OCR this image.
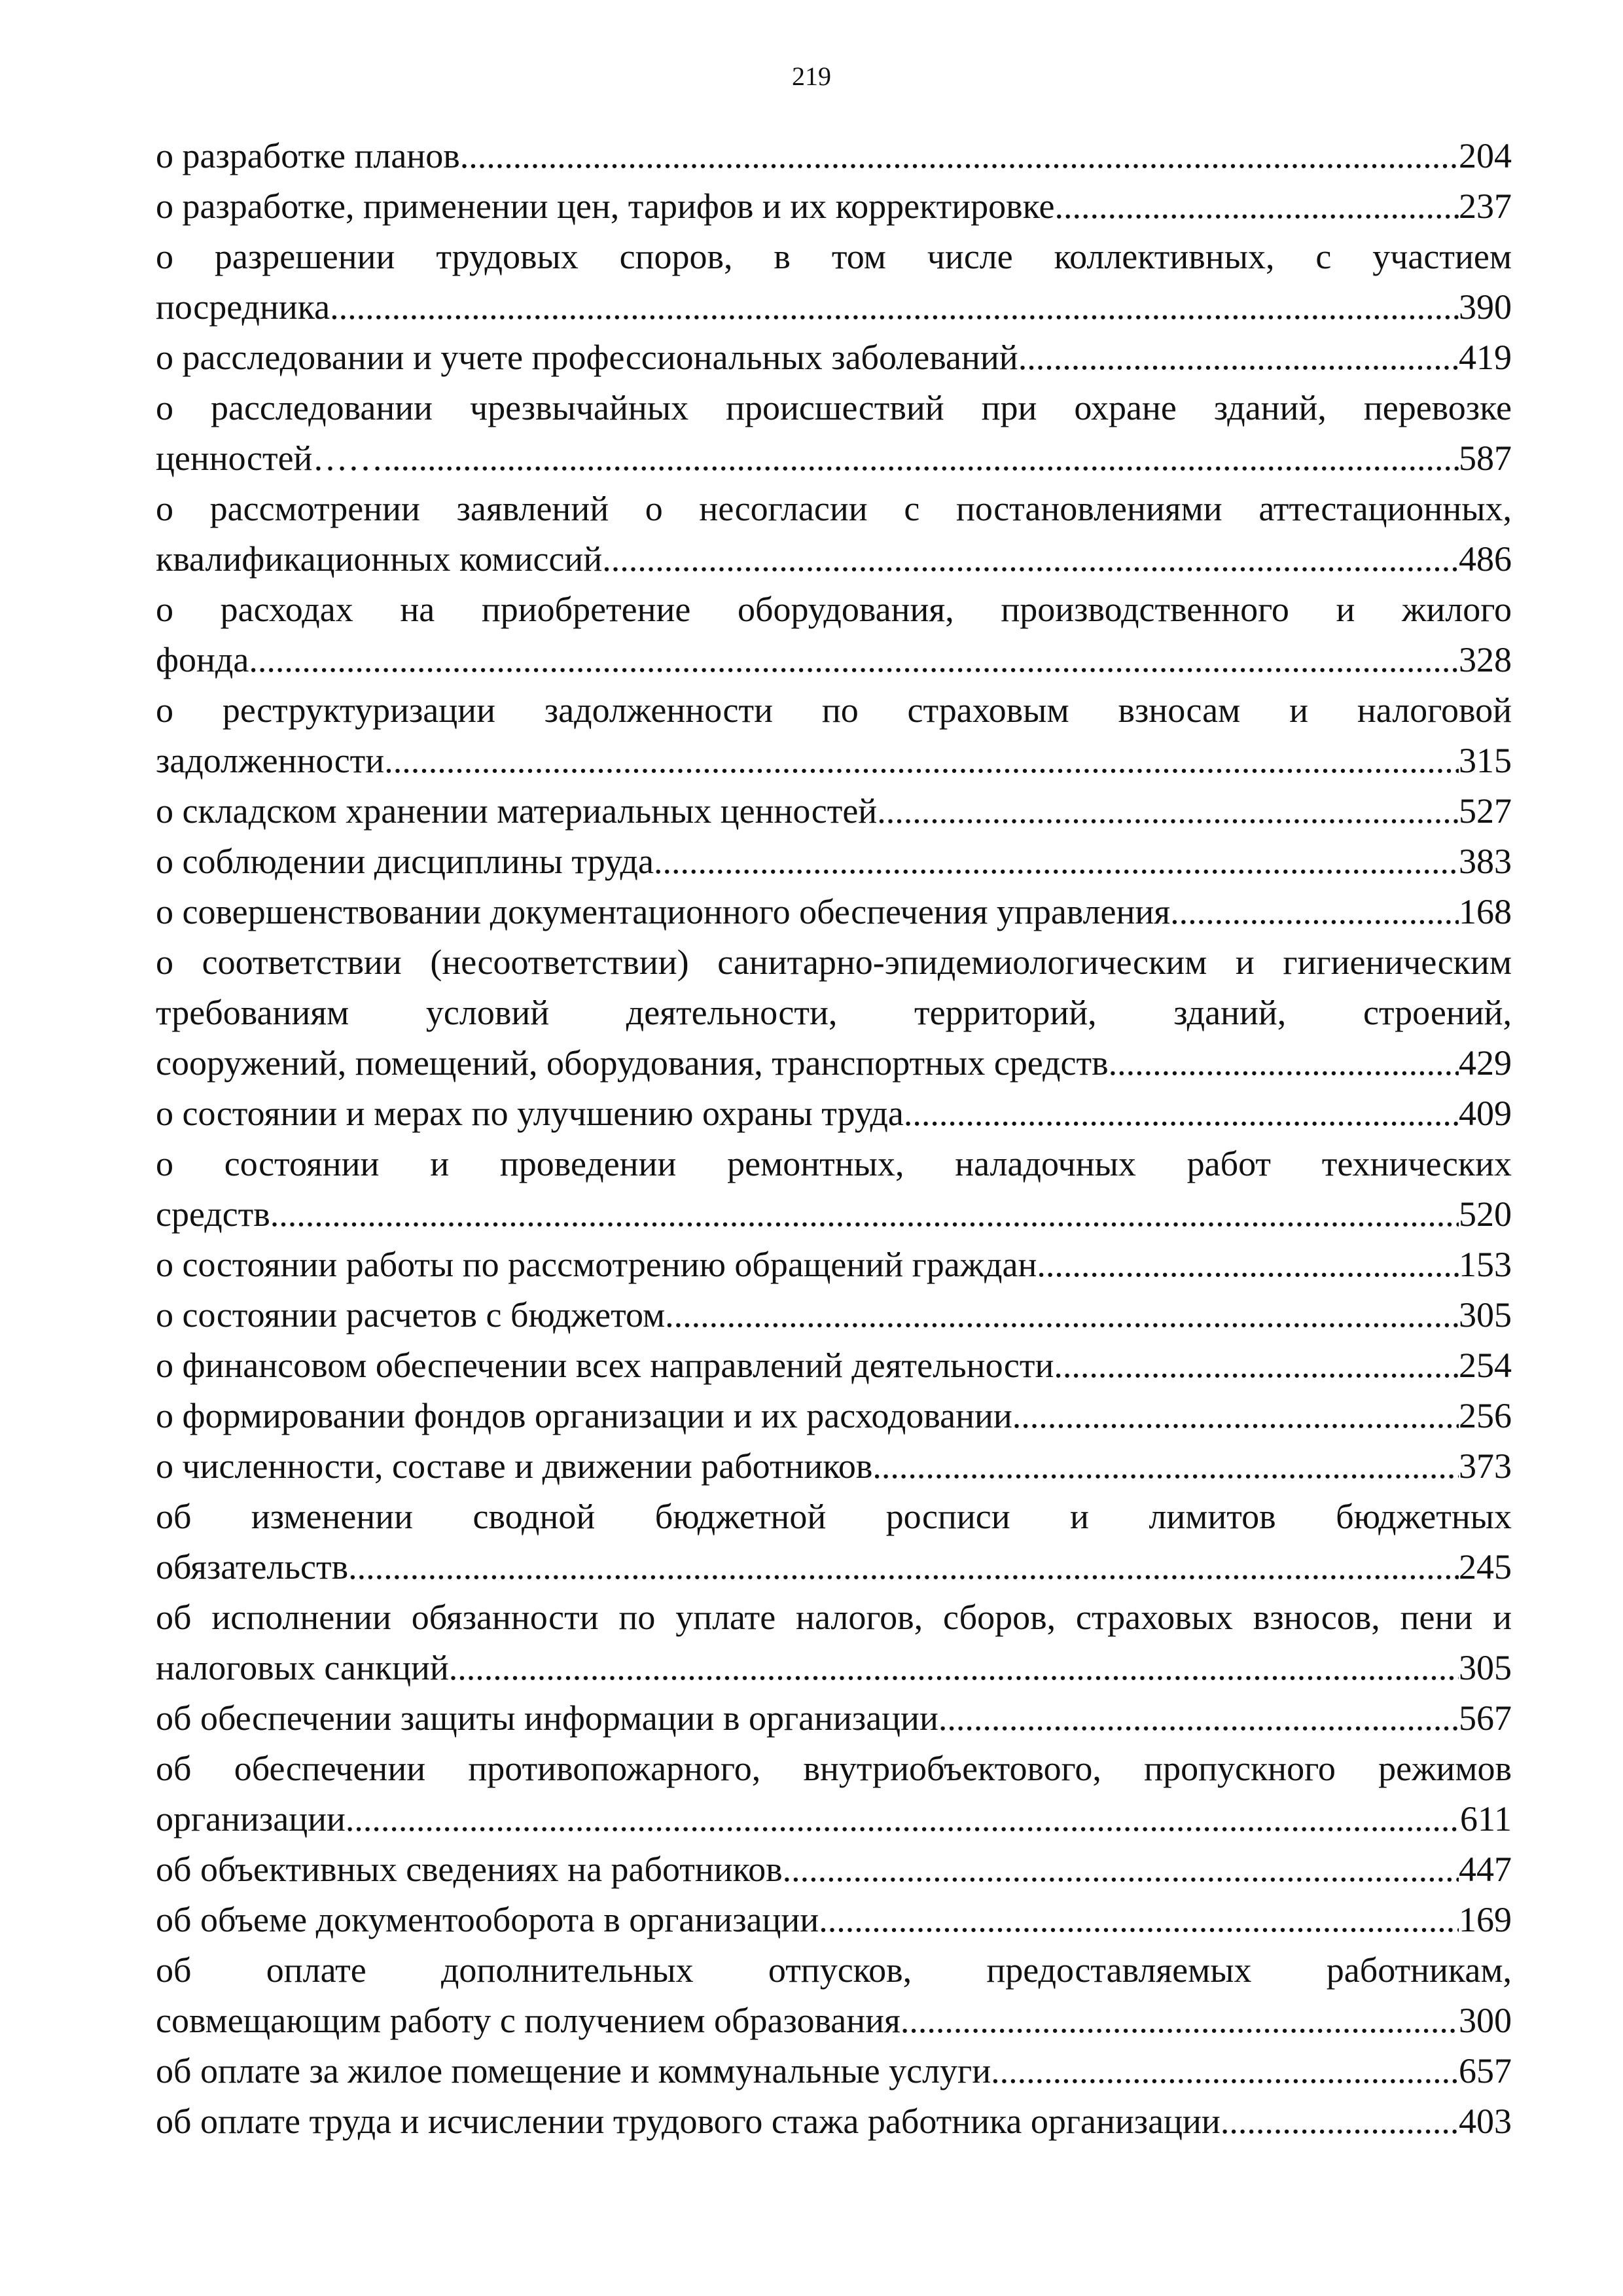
219
о разработке планов .....	204
о разработке, применении цен, тарифов и их корректировке .....	237
о разрешении трудовых споров, в том числе коллективных, с участием
посредника .....	390
о расследовании и учете профессиональных заболеваний .....	419
о расследовании чрезвычайных происшествий при охране зданий, перевозке
ценностей…… .....	587
о рассмотрении заявлений о несогласии с постановлениями аттестационных,
квалификационных комиссий .....	486
о расходах на приобретение оборудования, производственного и жилого
фонда .....	328
о реструктуризации задолженности по страховым взносам и налоговой
задолженности .....	315
о складском хранении материальных ценностей .....	527
о соблюдении дисциплины труда .....	383
о совершенствовании документационного обеспечения управления .....	168
о соответствии (несоответствии) санитарно-эпидемиологическим и гигиеническим требованиям условий деятельности, территорий, зданий, строений,
сооружений, помещений, оборудования, транспортных средств .....	429
о состоянии и мерах по улучшению охраны труда .....	409
о состоянии и проведении ремонтных, наладочных работ технических
средств .....	520
о состоянии работы по рассмотрению обращений граждан .....	153
о состоянии расчетов с бюджетом .....	305
о финансовом обеспечении всех направлений деятельности .....	254
о формировании фондов организации и их расходовании .....	256
о численности, составе и движении работников .....	373
об изменении сводной бюджетной росписи и лимитов бюджетных
обязательств .....	245
об исполнении обязанности по уплате налогов, сборов, страховых взносов, пени и
налоговых санкций .....	305
об обеспечении защиты информации в организации .....	567
об обеспечении противопожарного, внутриобъектового, пропускного режимов
организации .....	611
об объективных сведениях на работников .....	447
об объеме документооборота в организации .....	169
об оплате дополнительных отпусков, предоставляемых работникам,
совмещающим работу с получением образования .....	300
об оплате за жилое помещение и коммунальные услуги .....	657
об оплате труда и исчислении трудового стажа работника организации .....	403
